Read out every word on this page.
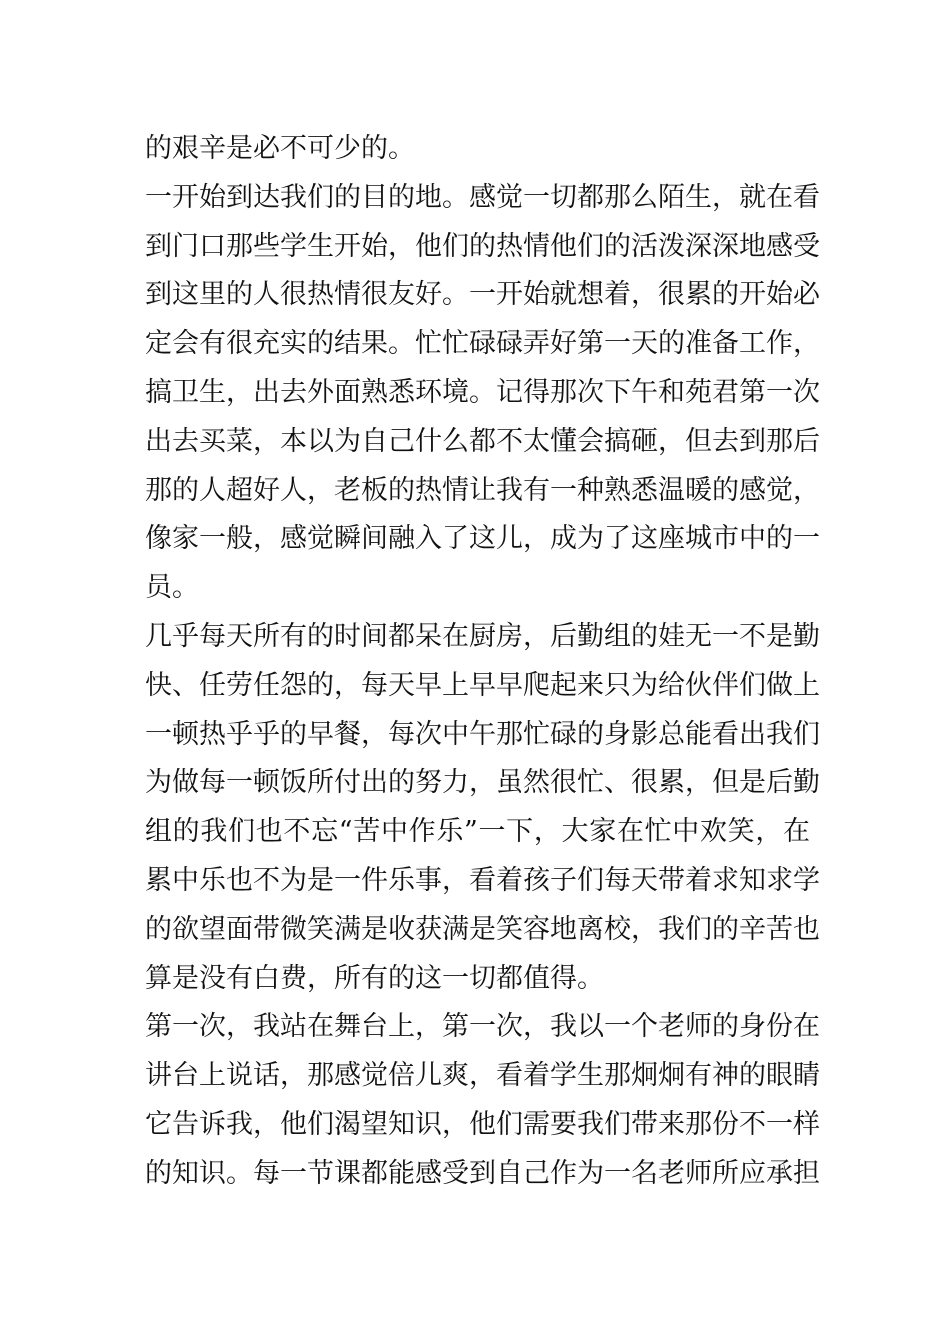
的艰辛是必不可少的。
一开始到达我们的目的地。感觉一切都那么陌生，就在看
到门口那些学生开始，他们的热情他们的活泼深深地感受
到这里的人很热情很友好。一开始就想着，很累的开始必
定会有很充实的结果。忙忙碌碌弄好第一天的准备工作，
搞卫生，出去外面熟悉环境。记得那次下午和苑君第一次
出去买菜，本以为自己什么都不太懂会搞砸，但去到那后
那的人超好人，老板的热情让我有一种熟悉温暖的感觉，
像家一般，感觉瞬间融入了这儿，成为了这座城市中的一
员。
几乎每天所有的时间都呆在厨房，后勤组的娃无一不是勤
快、任劳任怨的，每天早上早早爬起来只为给伙伴们做上
一顿热乎乎的早餐，每次中午那忙碌的身影总能看出我们
为做每一顿饭所付出的努力，虽然很忙、很累，但是后勤
组的我们也不忘“苦中作乐”一下，大家在忙中欢笑，在
累中乐也不为是一件乐事，看着孩子们每天带着求知求学
的欲望面带微笑满是收获满是笑容地离校，我们的辛苦也
算是没有白费，所有的这一切都值得。
第一次，我站在舞台上，第一次，我以一个老师的身份在
讲台上说话，那感觉倍儿爽，看着学生那炯炯有神的眼睛
它告诉我，他们渴望知识，他们需要我们带来那份不一样
的知识。每一节课都能感受到自己作为一名老师所应承担
